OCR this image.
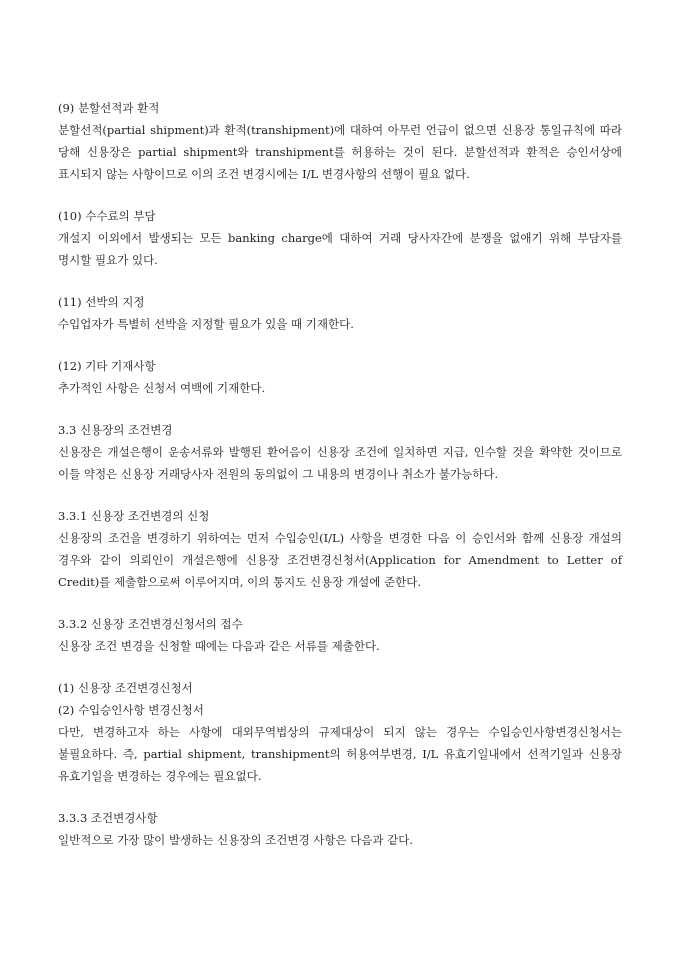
(9) 분할선적과 환적
분할선적(partial shipment)과 환적(transhipment)에 대하여 아무런 언급이 없으면 신용장 통일규칙에 따라 당해 신용장은 partial shipment와 transhipment를 허용하는 것이 된다. 분할선적과 환적은 승인서상에 표시되지 않는 사항이므로 이의 조건 변경시에는 I/L 변경사항의 선행이 필요 없다.
(10) 수수료의 부담
개설지 이외에서 발생되는 모든 banking charge에 대하여 거래 당사자간에 분쟁을 없애기 위해 부담자를 명시할 필요가 있다.
(11) 선박의 지정
수입업자가 특별히 선박을 지정할 필요가 있을 때 기재한다.
(12) 기타 기재사항
추가적인 사항은 신청서 여백에 기재한다.
3.3 신용장의 조건변경
신용장은 개설은행이 운송서류와 발행된 환어음이 신용장 조건에 일치하면 지급, 인수할 것을 확약한 것이므로 이들 약정은 신용장 거래당사자 전원의 동의없이 그 내용의 변경이나 취소가 불가능하다.
3.3.1 신용장 조건변경의 신청
신용장의 조건을 변경하기 위하여는 먼저 수입승인(I/L) 사항을 변경한 다음 이 승인서와 함께 신용장 개설의 경우와 같이 의뢰인이 개설은행에 신용장 조건변경신청서(Application for Amendment to Letter of Credit)를 제출함으로써 이루어지며, 이의 통지도 신용장 개설에 준한다.
3.3.2 신용장 조건변경신청서의 접수
신용장 조건 변경을 신청할 때에는 다음과 같은 서류를 제출한다.
(1) 신용장 조건변경신청서
(2) 수입승인사항 변경신청서
다만, 변경하고자 하는 사항에 대외무역법상의 규제대상이 되지 않는 경우는 수입승인사항변경신청서는 불필요하다. 즉, partial shipment, transhipment의 허용여부변경, I/L 유효기일내에서 선적기일과 신용장 유효기일을 변경하는 경우에는 필요없다.
3.3.3 조건변경사항
일반적으로 가장 많이 발생하는 신용장의 조건변경 사항은 다음과 같다.
